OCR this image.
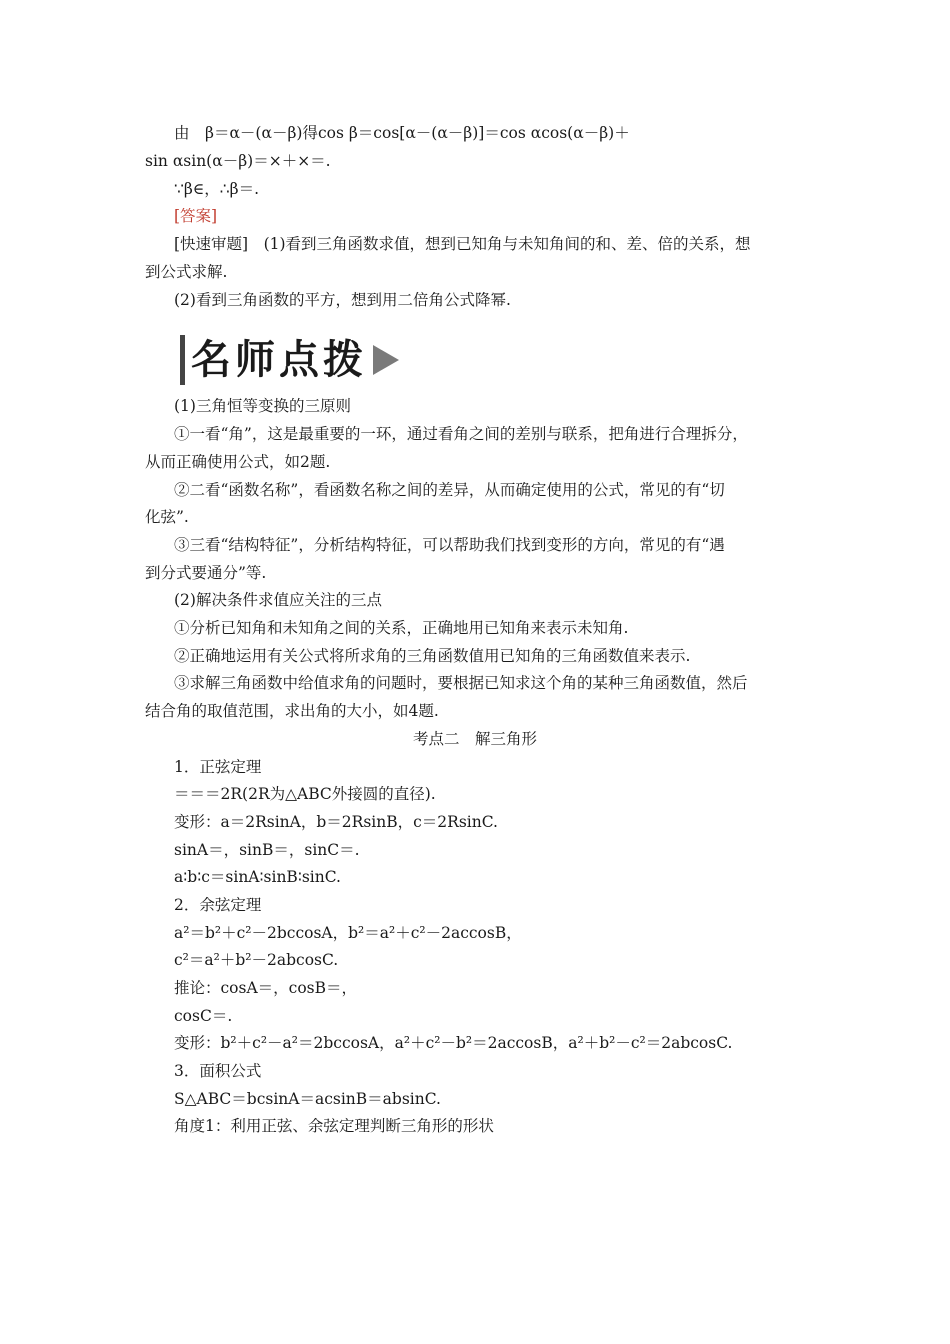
由　β＝α－(α－β)得cos β＝cos[α－(α－β)]＝cos αcos(α－β)＋
sin αsin(α－β)＝×＋×＝.
∵β∈，∴β＝.
[答案]
[快速审题]　(1)看到三角函数求值，想到已知角与未知角间的和、差、倍的关系，想
到公式求解.
(2)看到三角函数的平方，想到用二倍角公式降幂.
名师点拨
(1)三角恒等变换的三原则
①一看“角”，这是最重要的一环，通过看角之间的差别与联系，把角进行合理拆分，
从而正确使用公式，如2题.
②二看“函数名称”，看函数名称之间的差异，从而确定使用的公式，常见的有“切
化弦”.
③三看“结构特征”，分析结构特征，可以帮助我们找到变形的方向，常见的有“遇
到分式要通分”等.
(2)解决条件求值应关注的三点
①分析已知角和未知角之间的关系，正确地用已知角来表示未知角.
②正确地运用有关公式将所求角的三角函数值用已知角的三角函数值来表示.
③求解三角函数中给值求角的问题时，要根据已知求这个角的某种三角函数值，然后
结合角的取值范围，求出角的大小，如4题.
考点二　解三角形
1．正弦定理
＝＝＝2R(2R为△ABC外接圆的直径).
变形：a＝2RsinA，b＝2RsinB，c＝2RsinC.
sinA＝，sinB＝，sinC＝.
a∶b∶c＝sinA∶sinB∶sinC.
2．余弦定理
a²＝b²＋c²－2bccosA，b²＝a²＋c²－2accosB，
c²＝a²＋b²－2abcosC.
推论：cosA＝，cosB＝，
cosC＝.
变形：b²＋c²－a²＝2bccosA，a²＋c²－b²＝2accosB，a²＋b²－c²＝2abcosC.
3．面积公式
S△ABC＝bcsinA＝acsinB＝absinC.
角度1：利用正弦、余弦定理判断三角形的形状
